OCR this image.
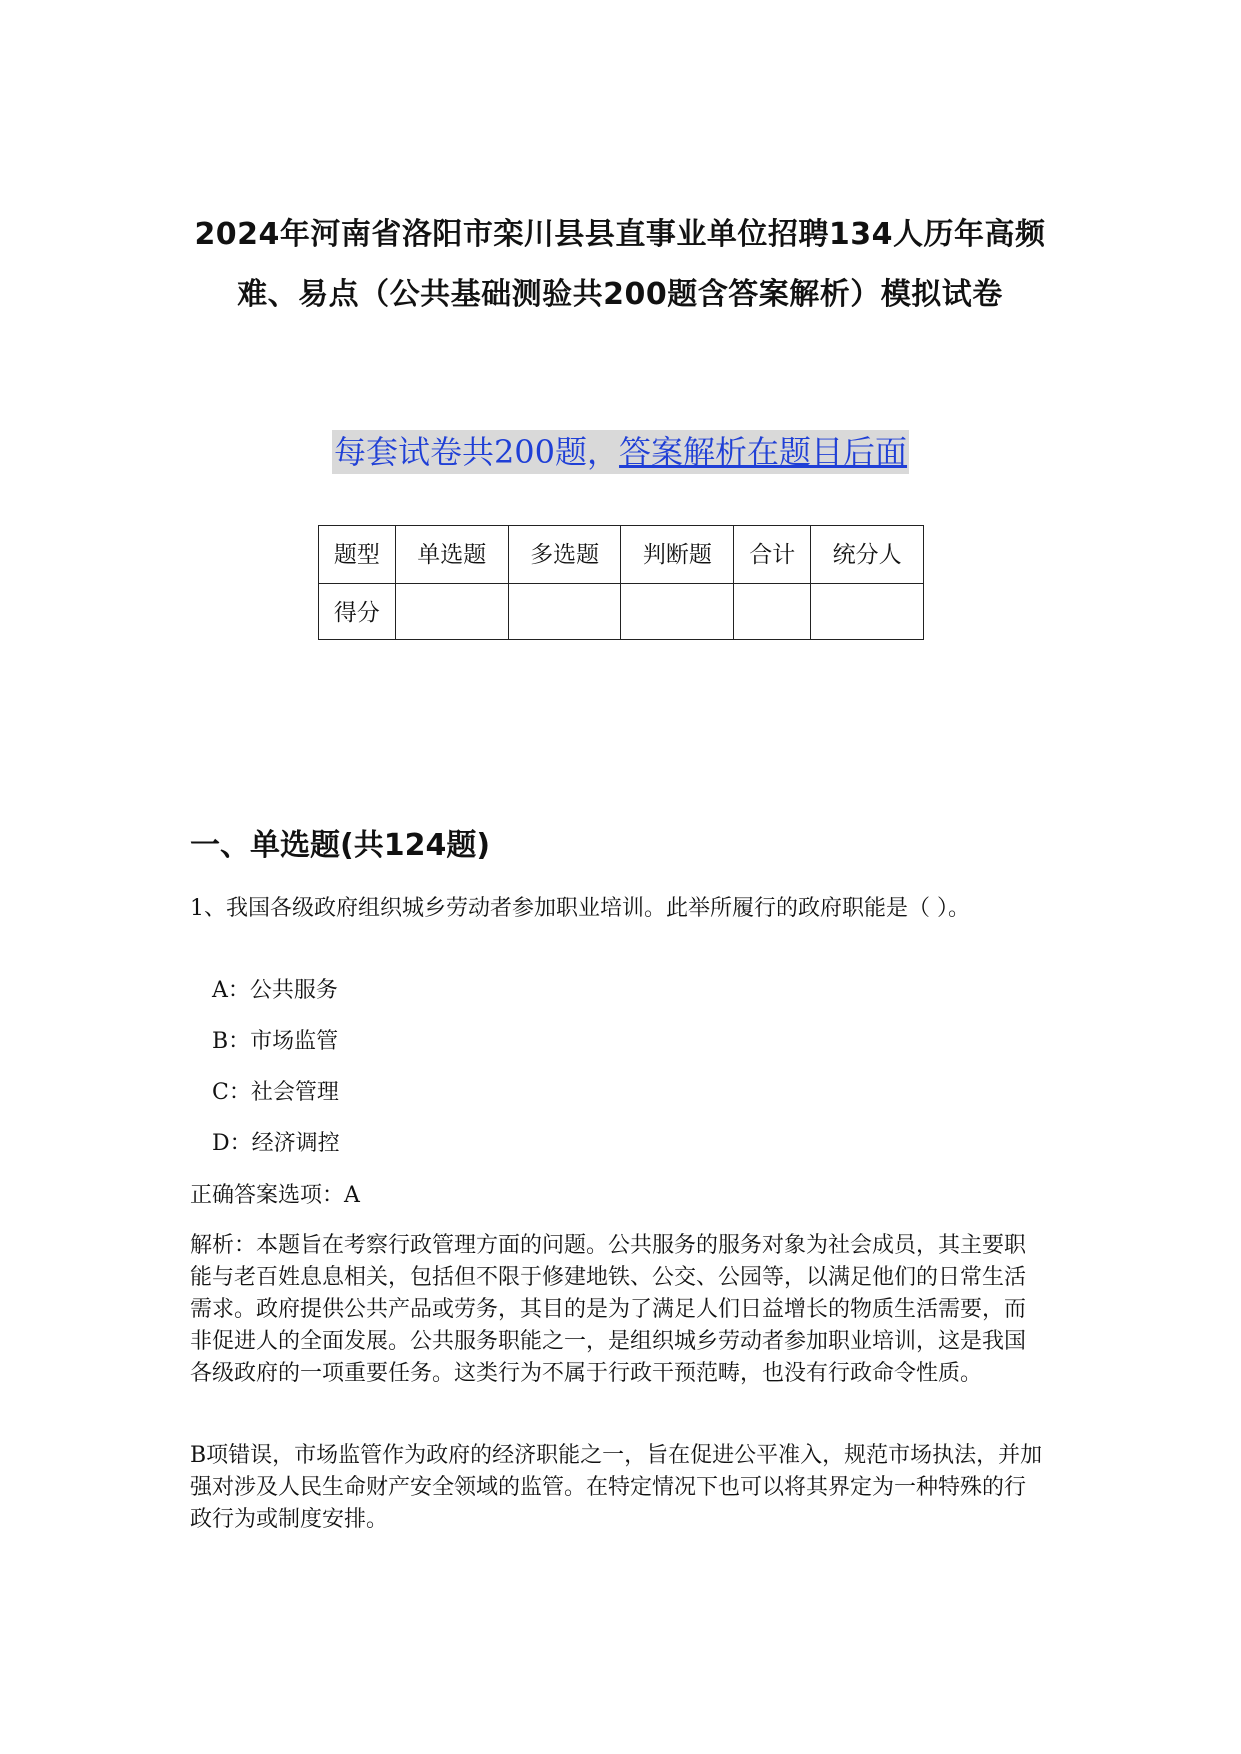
2024年河南省洛阳市栾川县县直事业单位招聘134人历年高频难、易点（公共基础测验共200题含答案解析）模拟试卷
每套试卷共200题，答案解析在题目后面
题型	单选题	多选题	判断题	合计	统分人
得分					
一、单选题(共124题)
1、我国各级政府组织城乡劳动者参加职业培训。此举所履行的政府职能是（ ）。
A：公共服务
B：市场监管
C：社会管理
D：经济调控
正确答案选项：A
解析：本题旨在考察行政管理方面的问题。公共服务的服务对象为社会成员，其主要职能与老百姓息息相关，包括但不限于修建地铁、公交、公园等，以满足他们的日常生活需求。政府提供公共产品或劳务，其目的是为了满足人们日益增长的物质生活需要，而非促进人的全面发展。公共服务职能之一，是组织城乡劳动者参加职业培训，这是我国各级政府的一项重要任务。这类行为不属于行政干预范畴，也没有行政命令性质。
B项错误，市场监管作为政府的经济职能之一，旨在促进公平准入，规范市场执法，并加强对涉及人民生命财产安全领域的监管。在特定情况下也可以将其界定为一种特殊的行政行为或制度安排。
